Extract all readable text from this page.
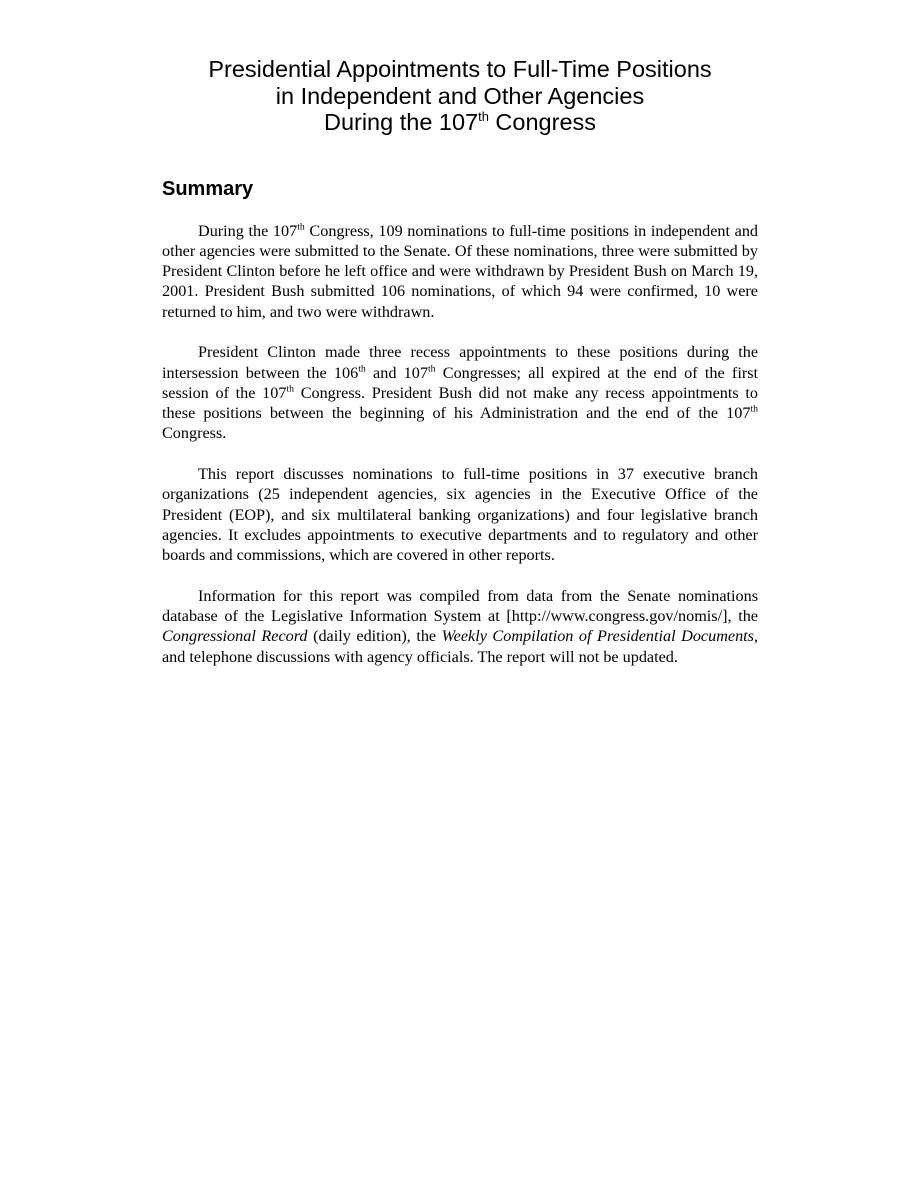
Presidential Appointments to Full-Time Positions
in Independent and Other Agencies
During the 107th Congress
Summary

During the 107th Congress, 109 nominations to full-time positions in independent and other agencies were submitted to the Senate. Of these nominations, three were submitted by President Clinton before he left office and were withdrawn by President Bush on March 19, 2001. President Bush submitted 106 nominations, of which 94 were confirmed, 10 were returned to him, and two were withdrawn.

President Clinton made three recess appointments to these positions during the intersession between the 106th and 107th Congresses; all expired at the end of the first session of the 107th Congress. President Bush did not make any recess appointments to these positions between the beginning of his Administration and the end of the 107th Congress.

This report discusses nominations to full-time positions in 37 executive branch organizations (25 independent agencies, six agencies in the Executive Office of the President (EOP), and six multilateral banking organizations) and four legislative branch agencies. It excludes appointments to executive departments and to regulatory and other boards and commissions, which are covered in other reports.

Information for this report was compiled from data from the Senate nominations database of the Legislative Information System at [http://www.congress.gov/nomis/], the Congressional Record (daily edition), the Weekly Compilation of Presidential Documents, and telephone discussions with agency officials. The report will not be updated.
